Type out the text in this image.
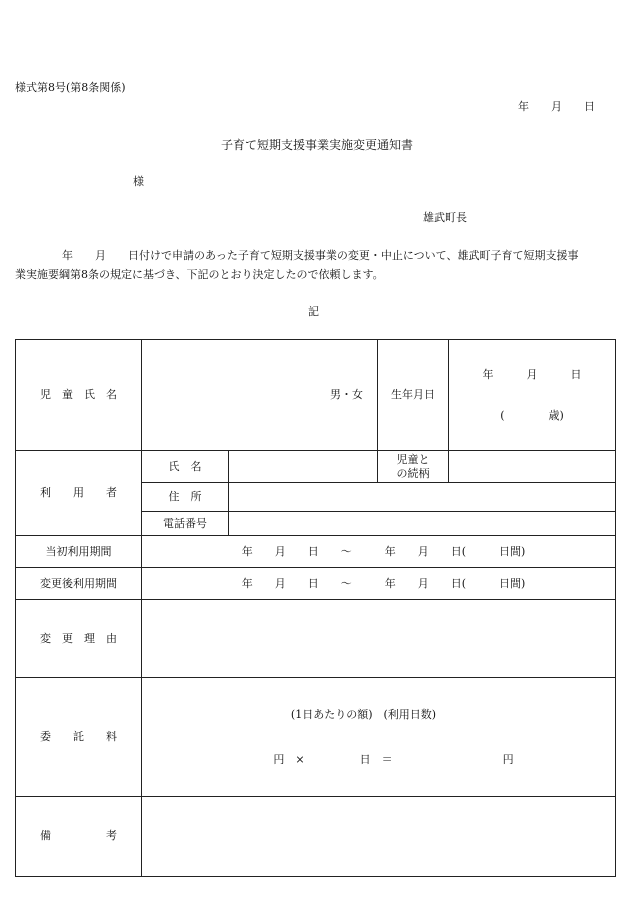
様式第8号(第8条関係)
年　　月　　日
子育て短期支援事業実施変更通知書
様
雄武町長
年　　月　　日付けで申請のあった子育て短期支援事業の変更・中止について、雄武町子育て短期支援事
業実施要綱第8条の規定に基づき、下記のとおり決定したので依頼します。
記
児　童　氏　名	男・女		生年月日	年　　　月　　　日

(　　　　歳)

利　　用　　者	氏　名		児童と
の続柄	
	住　所			
	電話番号			
当初利用期間	年　　月　　日　　～　　　年　　月　　日(　　　日間)			
変更後利用期間	年　　月　　日　　～　　　年　　月　　日(　　　日間)			
変　更　理　由				
委　　託　　料	(1日あたりの額)　(利用日数)

円　×　　　　　日　＝　　　　　　　　　　円			

備　　　　　考				
